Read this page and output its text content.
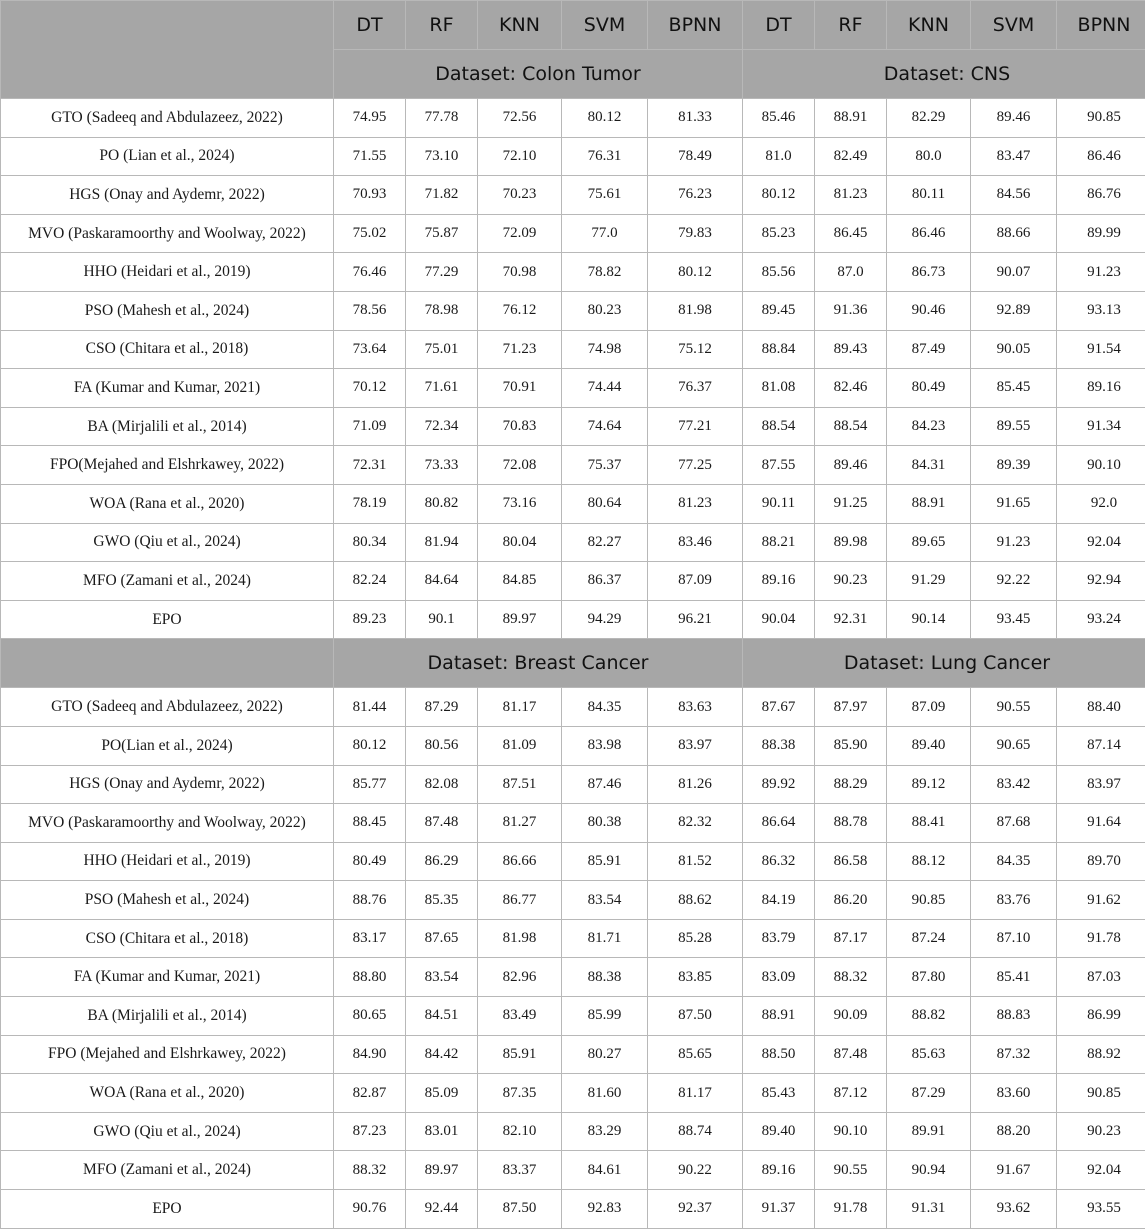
	DT	RF	KNN	SVM	BPNN	DT	RF	KNN	SVM	BPNN
	Dataset: Colon Tumor					Dataset: CNS				
GTO (Sadeeq and Abdulazeez, 2022)	74.95	77.78	72.56	80.12	81.33	85.46	88.91	82.29	89.46	90.85
PO (Lian et al., 2024)	71.55	73.10	72.10	76.31	78.49	81.0	82.49	80.0	83.47	86.46
HGS (Onay and Aydemr, 2022)	70.93	71.82	70.23	75.61	76.23	80.12	81.23	80.11	84.56	86.76
MVO (Paskaramoorthy and Woolway, 2022)	75.02	75.87	72.09	77.0	79.83	85.23	86.45	86.46	88.66	89.99
HHO (Heidari et al., 2019)	76.46	77.29	70.98	78.82	80.12	85.56	87.0	86.73	90.07	91.23
PSO (Mahesh et al., 2024)	78.56	78.98	76.12	80.23	81.98	89.45	91.36	90.46	92.89	93.13
CSO (Chitara et al., 2018)	73.64	75.01	71.23	74.98	75.12	88.84	89.43	87.49	90.05	91.54
FA (Kumar and Kumar, 2021)	70.12	71.61	70.91	74.44	76.37	81.08	82.46	80.49	85.45	89.16
BA (Mirjalili et al., 2014)	71.09	72.34	70.83	74.64	77.21	88.54	88.54	84.23	89.55	91.34
FPO(Mejahed and Elshrkawey, 2022)	72.31	73.33	72.08	75.37	77.25	87.55	89.46	84.31	89.39	90.10
WOA (Rana et al., 2020)	78.19	80.82	73.16	80.64	81.23	90.11	91.25	88.91	91.65	92.0
GWO (Qiu et al., 2024)	80.34	81.94	80.04	82.27	83.46	88.21	89.98	89.65	91.23	92.04
MFO (Zamani et al., 2024)	82.24	84.64	84.85	86.37	87.09	89.16	90.23	91.29	92.22	92.94
EPO	89.23	90.1	89.97	94.29	96.21	90.04	92.31	90.14	93.45	93.24
	Dataset: Breast Cancer					Dataset: Lung Cancer				
GTO (Sadeeq and Abdulazeez, 2022)	81.44	87.29	81.17	84.35	83.63	87.67	87.97	87.09	90.55	88.40
PO(Lian et al., 2024)	80.12	80.56	81.09	83.98	83.97	88.38	85.90	89.40	90.65	87.14
HGS (Onay and Aydemr, 2022)	85.77	82.08	87.51	87.46	81.26	89.92	88.29	89.12	83.42	83.97
MVO (Paskaramoorthy and Woolway, 2022)	88.45	87.48	81.27	80.38	82.32	86.64	88.78	88.41	87.68	91.64
HHO (Heidari et al., 2019)	80.49	86.29	86.66	85.91	81.52	86.32	86.58	88.12	84.35	89.70
PSO (Mahesh et al., 2024)	88.76	85.35	86.77	83.54	88.62	84.19	86.20	90.85	83.76	91.62
CSO (Chitara et al., 2018)	83.17	87.65	81.98	81.71	85.28	83.79	87.17	87.24	87.10	91.78
FA (Kumar and Kumar, 2021)	88.80	83.54	82.96	88.38	83.85	83.09	88.32	87.80	85.41	87.03
BA (Mirjalili et al., 2014)	80.65	84.51	83.49	85.99	87.50	88.91	90.09	88.82	88.83	86.99
FPO (Mejahed and Elshrkawey, 2022)	84.90	84.42	85.91	80.27	85.65	88.50	87.48	85.63	87.32	88.92
WOA (Rana et al., 2020)	82.87	85.09	87.35	81.60	81.17	85.43	87.12	87.29	83.60	90.85
GWO (Qiu et al., 2024)	87.23	83.01	82.10	83.29	88.74	89.40	90.10	89.91	88.20	90.23
MFO (Zamani et al., 2024)	88.32	89.97	83.37	84.61	90.22	89.16	90.55	90.94	91.67	92.04
EPO	90.76	92.44	87.50	92.83	92.37	91.37	91.78	91.31	93.62	93.55
